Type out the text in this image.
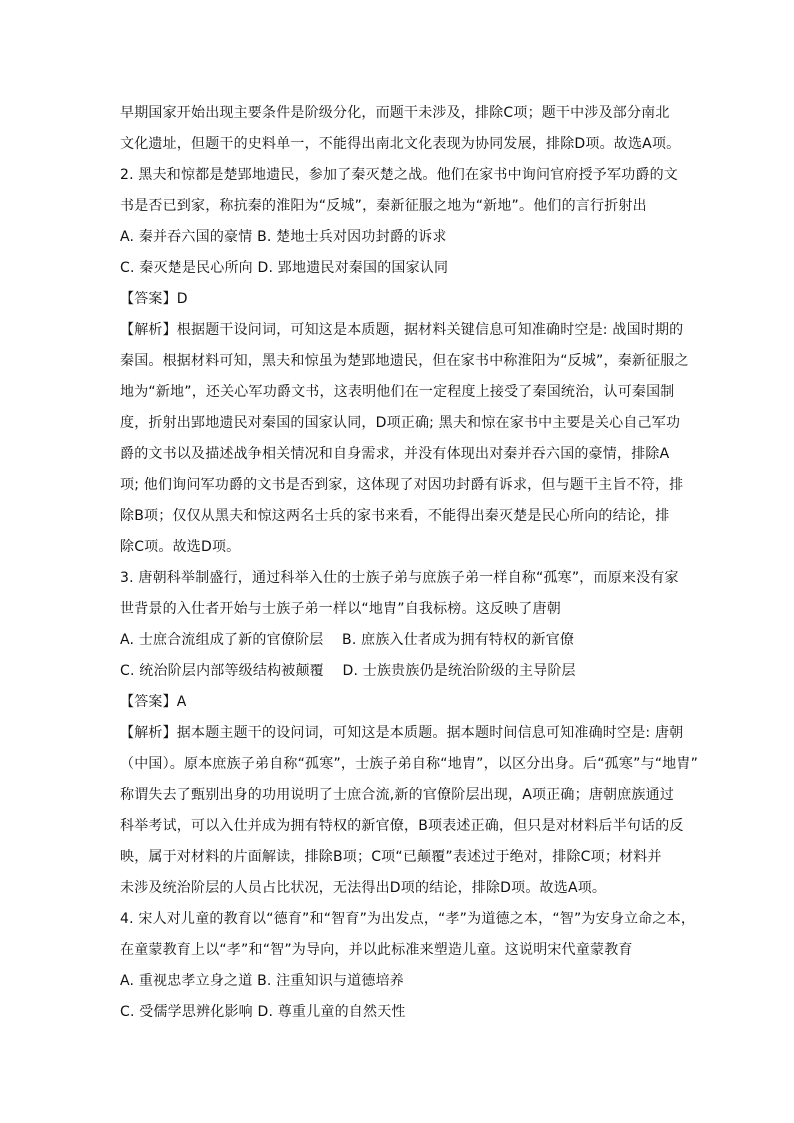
早期国家开始出现主要条件是阶级分化，而题干未涉及，排除C项；题干中涉及部分南北
文化遗址，但题干的史料单一，不能得出南北文化表现为协同发展，排除D项。故选A项。
2. 黑夫和惊都是楚郢地遗民，参加了秦灭楚之战。他们在家书中询问官府授予军功爵的文
书是否已到家，称抗秦的淮阳为“反城”，秦新征服之地为“新地”。他们的言行折射出
A. 秦并吞六国的豪情 B. 楚地士兵对因功封爵的诉求
C. 秦灭楚是民心所向 D. 郢地遗民对秦国的国家认同
【答案】D
【解析】根据题干设问词，可知这是本质题，据材料关键信息可知准确时空是: 战国时期的
秦国。根据材料可知，黑夫和惊虽为楚郢地遗民，但在家书中称淮阳为“反城”，秦新征服之
地为“新地”，还关心军功爵文书，这表明他们在一定程度上接受了秦国统治，认可秦国制
度，折射出郢地遗民对秦国的国家认同，D项正确; 黑夫和惊在家书中主要是关心自己军功
爵的文书以及描述战争相关情况和自身需求，并没有体现出对秦并吞六国的豪情，排除A
项; 他们询问军功爵的文书是否到家，这体现了对因功封爵有诉求，但与题干主旨不符，排
除B项；仅仅从黑夫和惊这两名士兵的家书来看，不能得出秦灭楚是民心所向的结论，排
除C项。故选D项。
3. 唐朝科举制盛行，通过科举入仕的士族子弟与庶族子弟一样自称“孤寒”，而原来没有家
世背景的入仕者开始与士族子弟一样以“地胄”自我标榜。这反映了唐朝
A. 士庶合流组成了新的官僚阶层    B. 庶族入仕者成为拥有特权的新官僚
C. 统治阶层内部等级结构被颠覆    D. 士族贵族仍是统治阶级的主导阶层
【答案】A
【解析】据本题主题干的设问词，可知这是本质题。据本题时间信息可知准确时空是: 唐朝
（中国）。原本庶族子弟自称“孤寒”，士族子弟自称“地胄”，以区分出身。后“孤寒”与“地胄”
称谓失去了甄别出身的功用说明了士庶合流,新的官僚阶层出现，A项正确；唐朝庶族通过
科举考试，可以入仕并成为拥有特权的新官僚，B项表述正确，但只是对材料后半句话的反
映，属于对材料的片面解读，排除B项；C项“已颠覆”表述过于绝对，排除C项；材料并
未涉及统治阶层的人员占比状况，无法得出D项的结论，排除D项。故选A项。
4. 宋人对儿童的教育以“德育”和“智育”为出发点，“孝”为道德之本，“智”为安身立命之本，
在童蒙教育上以“孝”和“智”为导向，并以此标准来塑造儿童。这说明宋代童蒙教育
A. 重视忠孝立身之道 B. 注重知识与道德培养
C. 受儒学思辨化影响 D. 尊重儿童的自然天性
